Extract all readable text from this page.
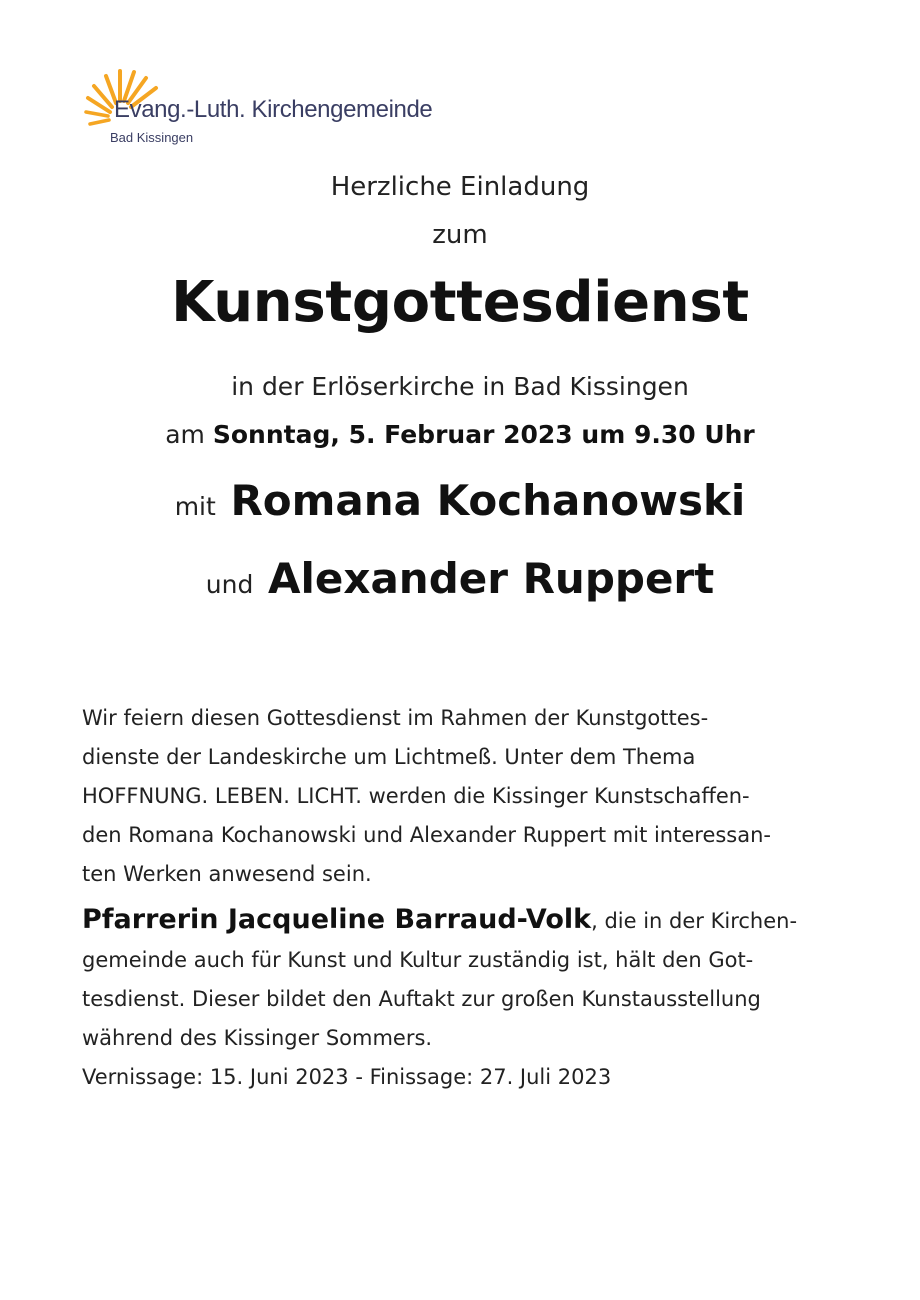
Evang.-Luth. Kirchengemeinde
Bad Kissingen
Herzliche Einladung
zum
Kunstgottesdienst
in der Erlöserkirche in Bad Kissingen
am Sonntag, 5. Februar 2023 um 9.30 Uhr
mit Romana Kochanowski
und Alexander Ruppert
Wir feiern diesen Gottesdienst im Rahmen der Kunstgottes-
dienste der Landeskirche um Lichtmeß. Unter dem Thema
HOFFNUNG. LEBEN. LICHT. werden die Kissinger Kunstschaffen-
den Romana Kochanowski und Alexander Ruppert mit interessan-
ten Werken anwesend sein.
Pfarrerin Jacqueline Barraud-Volk, die in der Kirchen-
gemeinde auch für Kunst und Kultur zuständig ist, hält den Got-
tesdienst. Dieser bildet den Auftakt zur großen Kunstausstellung
während des Kissinger Sommers.
Vernissage: 15. Juni 2023 - Finissage: 27. Juli 2023
